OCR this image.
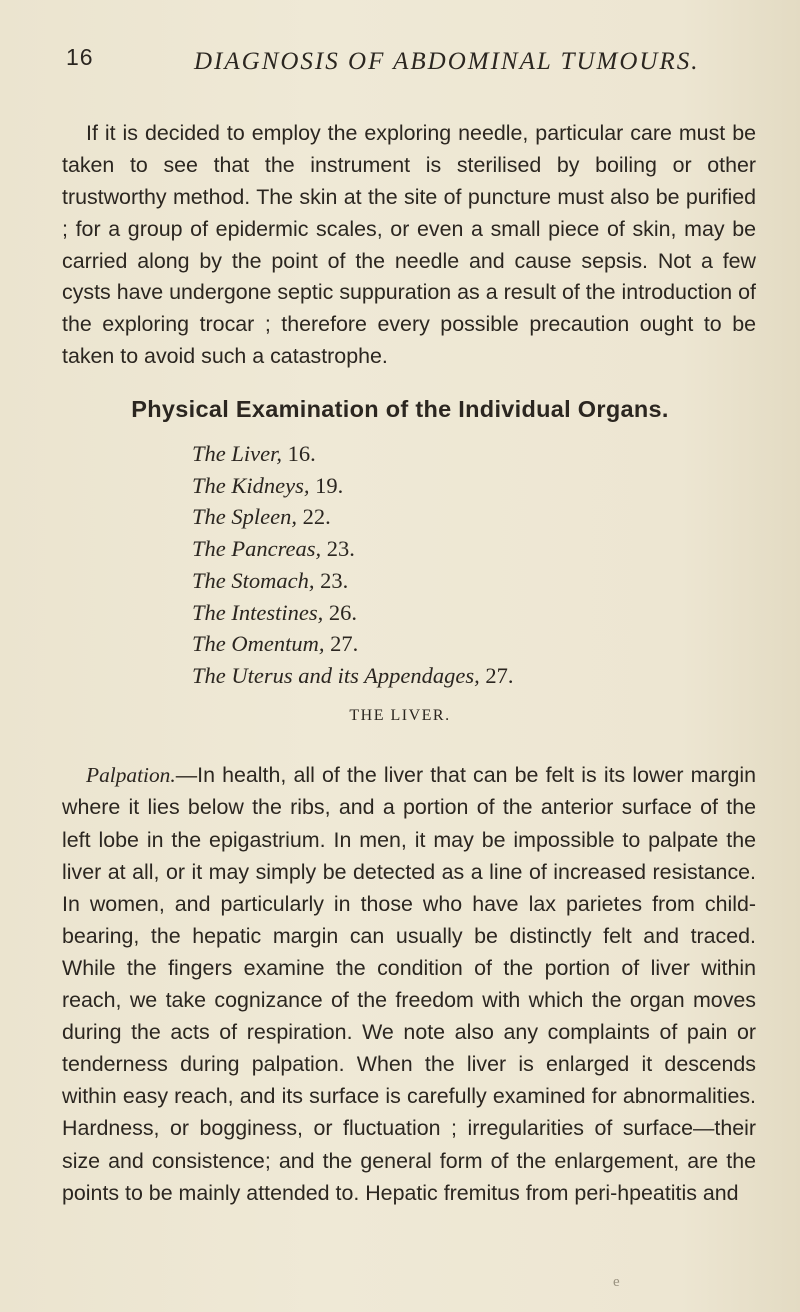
16	DIAGNOSIS OF ABDOMINAL TUMOURS.

If it is decided to employ the exploring needle, particular care must be taken to see that the instrument is sterilised by boiling or other trustworthy method. The skin at the site of puncture must also be purified ; for a group of epidermic scales, or even a small piece of skin, may be carried along by the point of the needle and cause sepsis. Not a few cysts have undergone septic suppuration as a result of the introduction of the exploring trocar ; therefore every possible precaution ought to be taken to avoid such a catastrophe.

Physical Examination of the Individual Organs.
The Liver, 16.
The Kidneys, 19.
The Spleen, 22.
The Pancreas, 23.
The Stomach, 23.
The Intestines, 26.
The Omentum, 27.
The Uterus and its Appendages, 27.
THE LIVER.

Palpation.—In health, all of the liver that can be felt is its lower margin where it lies below the ribs, and a portion of the anterior surface of the left lobe in the epigastrium. In men, it may be impossible to palpate the liver at all, or it may simply be detected as a line of increased resistance. In women, and particularly in those who have lax parietes from child-bearing, the hepatic margin can usually be distinctly felt and traced. While the fingers examine the condition of the portion of liver within reach, we take cognizance of the freedom with which the organ moves during the acts of respiration. We note also any complaints of pain or tenderness during palpation. When the liver is enlarged it descends within easy reach, and its surface is carefully examined for abnormalities. Hardness, or bogginess, or fluctuation ; irregularities of surface—their size and consistence; and the general form of the enlargement, are the points to be mainly attended to. Hepatic fremitus from peri-hpeatitis and

e
